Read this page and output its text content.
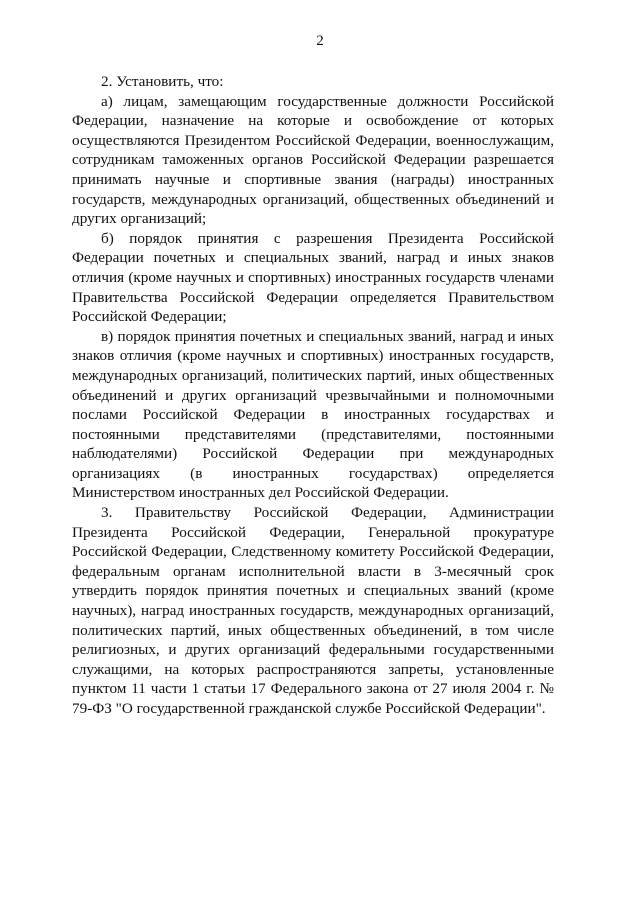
2

2. Установить, что:

а) лицам, замещающим государственные должности Российской Федерации, назначение на которые и освобождение от которых осуществляются Президентом Российской Федерации, военнослужащим, сотрудникам таможенных органов Российской Федерации разрешается принимать научные и спортивные звания (награды) иностранных государств, международных организаций, общественных объединений и других организаций;

б) порядок принятия с разрешения Президента Российской Федерации почетных и специальных званий, наград и иных знаков отличия (кроме научных и спортивных) иностранных государств членами Правительства Российской Федерации определяется Правительством Российской Федерации;

в) порядок принятия почетных и специальных званий, наград и иных знаков отличия (кроме научных и спортивных) иностранных государств, международных организаций, политических партий, иных общественных объединений и других организаций чрезвычайными и полномочными послами Российской Федерации в иностранных государствах и постоянными представителями (представителями, постоянными наблюдателями) Российской Федерации при международных организациях (в иностранных государствах) определяется Министерством иностранных дел Российской Федерации.

3. Правительству Российской Федерации, Администрации Президента Российской Федерации, Генеральной прокуратуре Российской Федерации, Следственному комитету Российской Федерации, федеральным органам исполнительной власти в 3-месячный срок утвердить порядок принятия почетных и специальных званий (кроме научных), наград иностранных государств, международных организаций, политических партий, иных общественных объединений, в том числе религиозных, и других организаций федеральными государственными служащими, на которых распространяются запреты, установленные пунктом 11 части 1 статьи 17 Федерального закона от 27 июля 2004 г. № 79-ФЗ "О государственной гражданской службе Российской Федерации".
